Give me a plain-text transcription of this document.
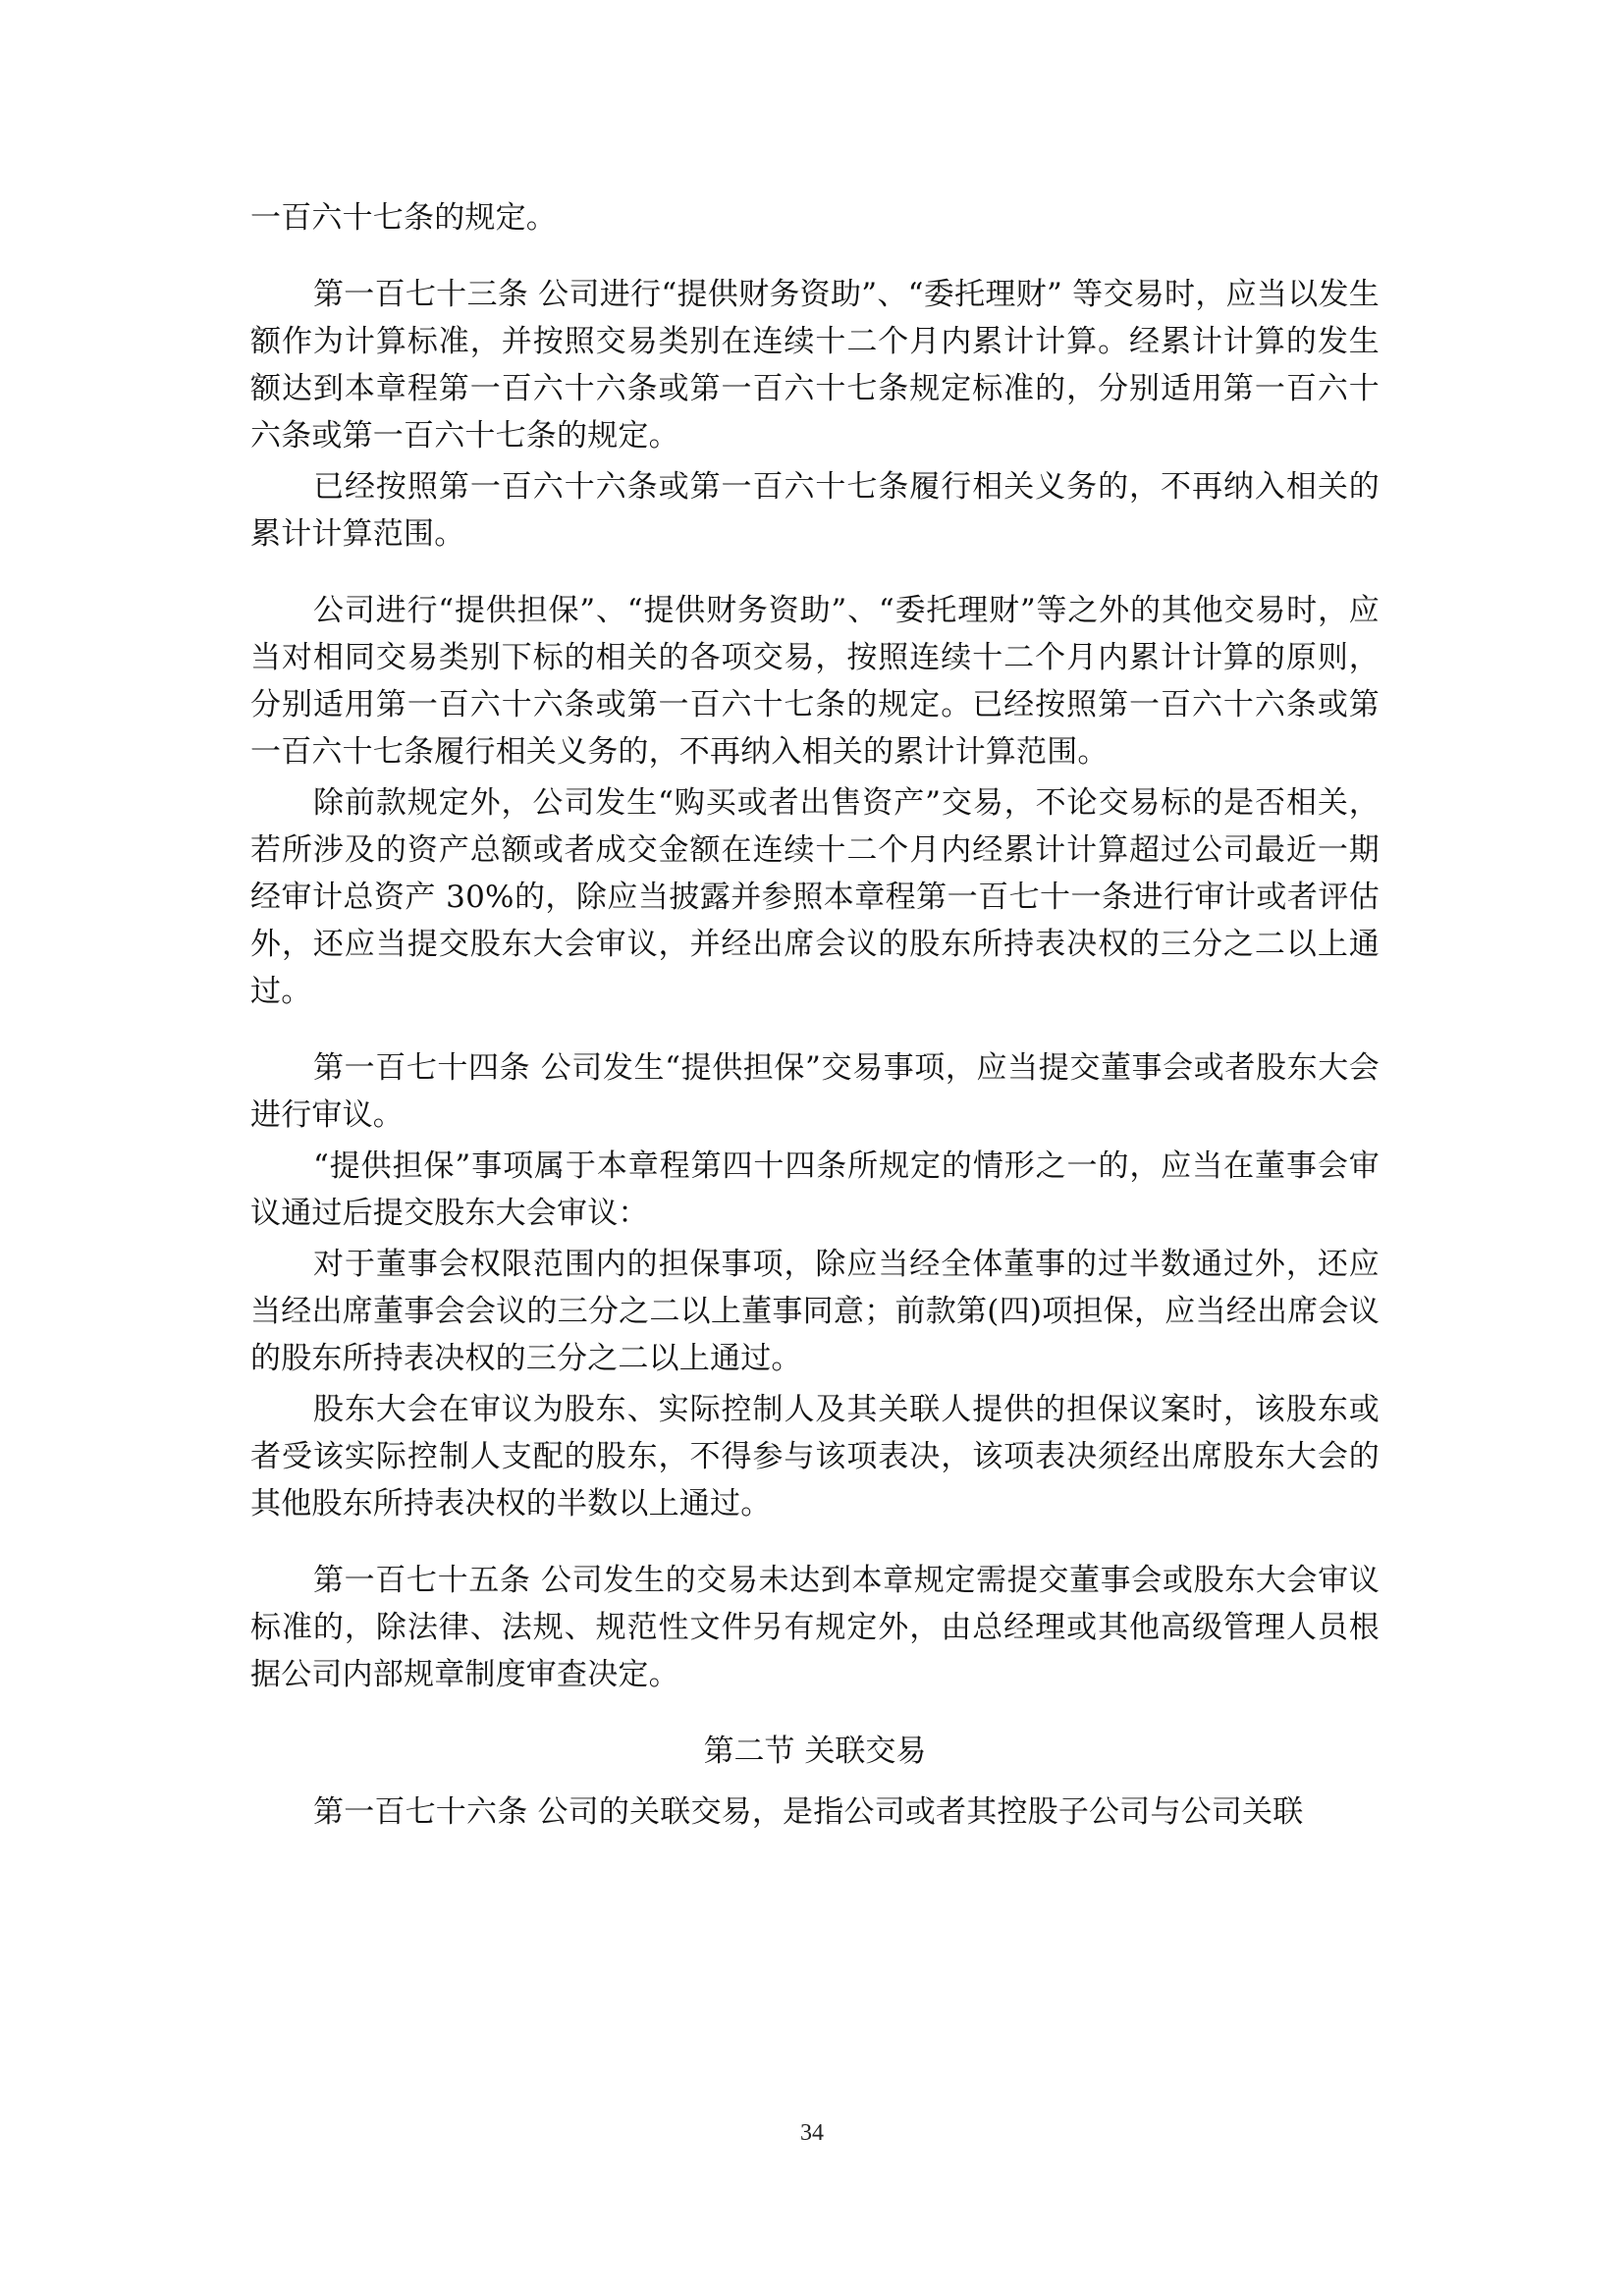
一百六十七条的规定。

第一百七十三条 公司进行“提供财务资助”、“委托理财” 等交易时，应当以发生额作为计算标准，并按照交易类别在连续十二个月内累计计算。经累计计算的发生额达到本章程第一百六十六条或第一百六十七条规定标准的，分别适用第一百六十六条或第一百六十七条的规定。

已经按照第一百六十六条或第一百六十七条履行相关义务的，不再纳入相关的累计计算范围。

公司进行“提供担保”、“提供财务资助”、“委托理财”等之外的其他交易时，应当对相同交易类别下标的相关的各项交易，按照连续十二个月内累计计算的原则，分别适用第一百六十六条或第一百六十七条的规定。已经按照第一百六十六条或第一百六十七条履行相关义务的，不再纳入相关的累计计算范围。

除前款规定外，公司发生“购买或者出售资产”交易，不论交易标的是否相关，若所涉及的资产总额或者成交金额在连续十二个月内经累计计算超过公司最近一期经审计总资产 30%的，除应当披露并参照本章程第一百七十一条进行审计或者评估外，还应当提交股东大会审议，并经出席会议的股东所持表决权的三分之二以上通过。

第一百七十四条 公司发生“提供担保”交易事项，应当提交董事会或者股东大会进行审议。

“提供担保”事项属于本章程第四十四条所规定的情形之一的，应当在董事会审议通过后提交股东大会审议：

对于董事会权限范围内的担保事项，除应当经全体董事的过半数通过外，还应当经出席董事会会议的三分之二以上董事同意；前款第(四)项担保，应当经出席会议的股东所持表决权的三分之二以上通过。

股东大会在审议为股东、实际控制人及其关联人提供的担保议案时，该股东或者受该实际控制人支配的股东，不得参与该项表决，该项表决须经出席股东大会的其他股东所持表决权的半数以上通过。

第一百七十五条 公司发生的交易未达到本章规定需提交董事会或股东大会审议标准的，除法律、法规、规范性文件另有规定外，由总经理或其他高级管理人员根据公司内部规章制度审查决定。

第二节 关联交易

第一百七十六条 公司的关联交易，是指公司或者其控股子公司与公司关联

34
